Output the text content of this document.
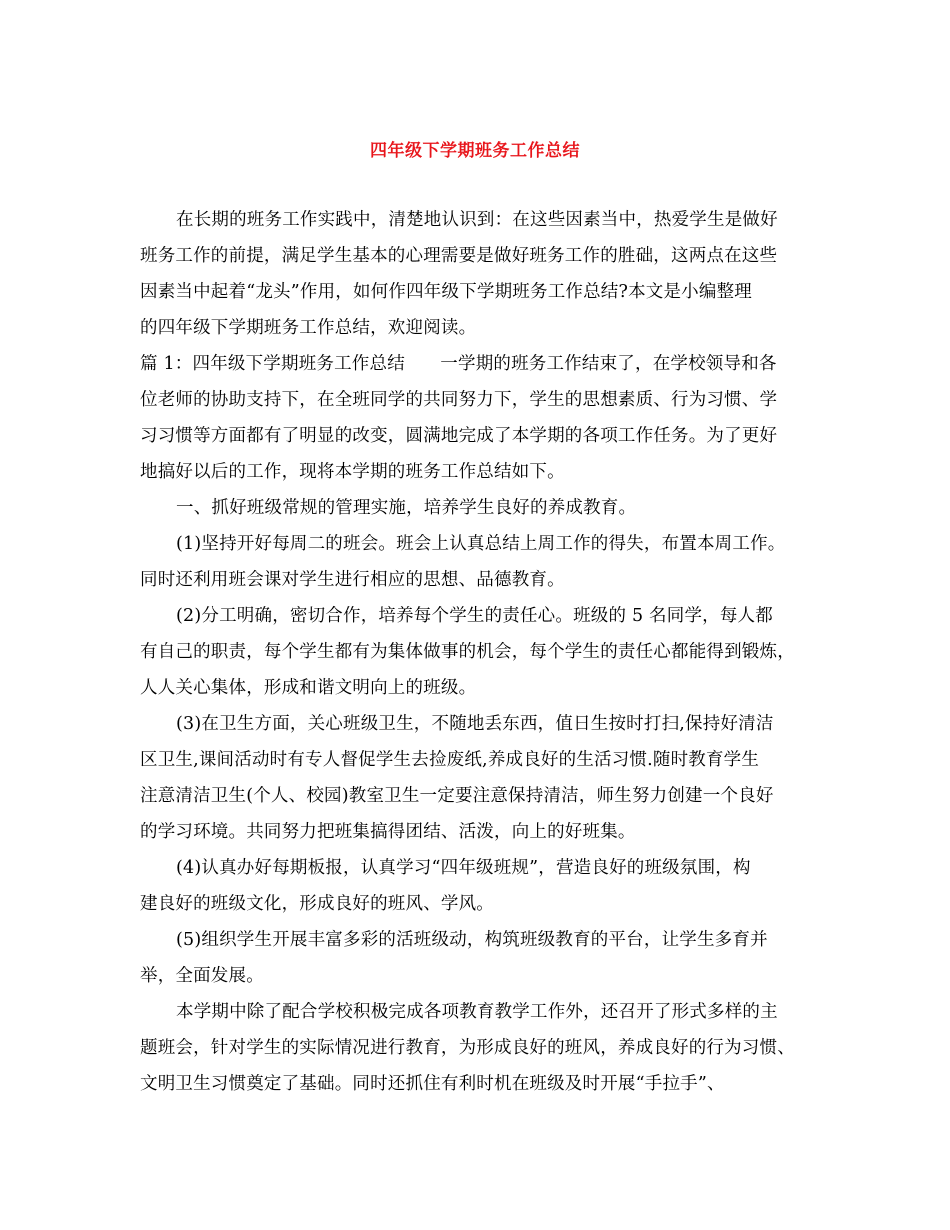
四年级下学期班务工作总结
在长期的班务工作实践中，清楚地认识到：在这些因素当中，热爱学生是做好
班务工作的前提，满足学生基本的心理需要是做好班务工作的胜础，这两点在这些
因素当中起着“龙头”作用，如何作四年级下学期班务工作总结?本文是小编整理
的四年级下学期班务工作总结，欢迎阅读。
篇 1：四年级下学期班务工作总结　　一学期的班务工作结束了，在学校领导和各
位老师的协助支持下，在全班同学的共同努力下，学生的思想素质、行为习惯、学
习习惯等方面都有了明显的改变，圆满地完成了本学期的各项工作任务。为了更好
地搞好以后的工作，现将本学期的班务工作总结如下。
一、抓好班级常规的管理实施，培养学生良好的养成教育。
(1)坚持开好每周二的班会。班会上认真总结上周工作的得失，布置本周工作。
同时还利用班会课对学生进行相应的思想、品德教育。
(2)分工明确，密切合作，培养每个学生的责任心。班级的 5 名同学，每人都
有自己的职责，每个学生都有为集体做事的机会，每个学生的责任心都能得到锻炼，
人人关心集体，形成和谐文明向上的班级。
(3)在卫生方面，关心班级卫生，不随地丢东西，值日生按时打扫,保持好清洁
区卫生,课间活动时有专人督促学生去捡废纸,养成良好的生活习惯.随时教育学生
注意清洁卫生(个人、校园)教室卫生一定要注意保持清洁，师生努力创建一个良好
的学习环境。共同努力把班集搞得团结、活泼，向上的好班集。
(4)认真办好每期板报，认真学习“四年级班规”，营造良好的班级氛围，构
建良好的班级文化，形成良好的班风、学风。
(5)组织学生开展丰富多彩的活班级动，构筑班级教育的平台，让学生多育并
举，全面发展。
本学期中除了配合学校积极完成各项教育教学工作外，还召开了形式多样的主
题班会，针对学生的实际情况进行教育，为形成良好的班风，养成良好的行为习惯、
文明卫生习惯奠定了基础。同时还抓住有利时机在班级及时开展“手拉手”、
